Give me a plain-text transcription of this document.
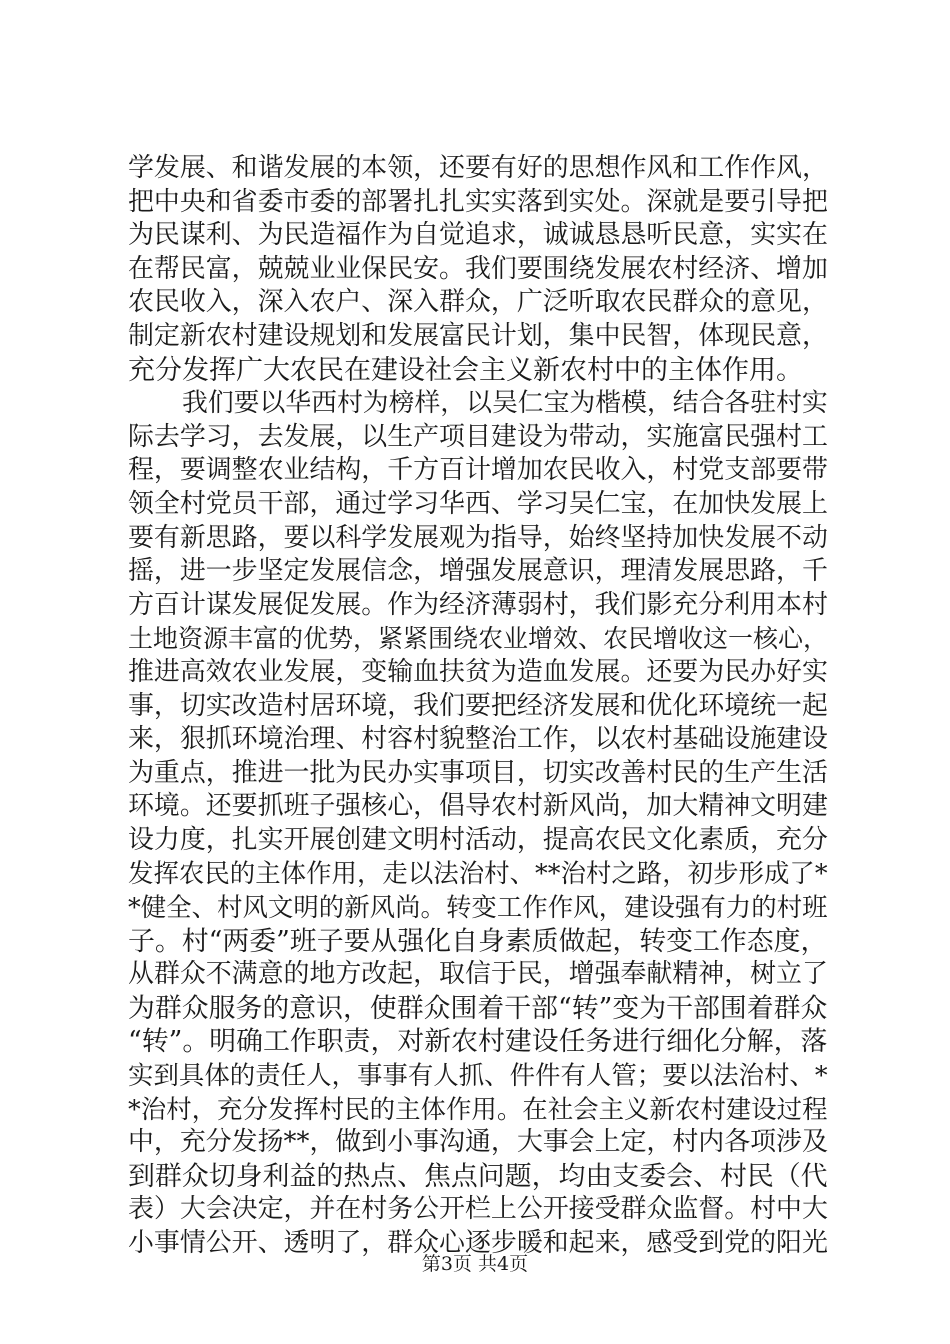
学发展、和谐发展的本领，还要有好的思想作风和工作作风，
把中央和省委市委的部署扎扎实实落到实处。深就是要引导把
为民谋利、为民造福作为自觉追求，诚诚恳恳听民意，实实在
在帮民富，兢兢业业保民安。我们要围绕发展农村经济、增加
农民收入，深入农户、深入群众，广泛听取农民群众的意见，
制定新农村建设规划和发展富民计划，集中民智，体现民意，
充分发挥广大农民在建设社会主义新农村中的主体作用。
我们要以华西村为榜样，以吴仁宝为楷模，结合各驻村实
际去学习，去发展，以生产项目建设为带动，实施富民强村工
程，要调整农业结构，千方百计增加农民收入，村党支部要带
领全村党员干部，通过学习华西、学习吴仁宝，在加快发展上
要有新思路，要以科学发展观为指导，始终坚持加快发展不动
摇，进一步坚定发展信念，增强发展意识，理清发展思路，千
方百计谋发展促发展。作为经济薄弱村，我们影充分利用本村
土地资源丰富的优势，紧紧围绕农业增效、农民增收这一核心，
推进高效农业发展，变输血扶贫为造血发展。还要为民办好实
事，切实改造村居环境，我们要把经济发展和优化环境统一起
来，狠抓环境治理、村容村貌整治工作，以农村基础设施建设
为重点，推进一批为民办实事项目，切实改善村民的生产生活
环境。还要抓班子强核心，倡导农村新风尚，加大精神文明建
设力度，扎实开展创建文明村活动，提高农民文化素质，充分
发挥农民的主体作用，走以法治村、**治村之路，初步形成了*
*健全、村风文明的新风尚。转变工作作风，建设强有力的村班
子。村“两委”班子要从强化自身素质做起，转变工作态度，
从群众不满意的地方改起，取信于民，增强奉献精神，树立了
为群众服务的意识，使群众围着干部“转”变为干部围着群众
“转”。明确工作职责，对新农村建设任务进行细化分解，落
实到具体的责任人，事事有人抓、件件有人管；要以法治村、*
*治村，充分发挥村民的主体作用。在社会主义新农村建设过程
中，充分发扬**，做到小事沟通，大事会上定，村内各项涉及
到群众切身利益的热点、焦点问题，均由支委会、村民（代
表）大会决定，并在村务公开栏上公开接受群众监督。村中大
小事情公开、透明了，群众心逐步暖和起来，感受到党的阳光
第3页 共4页
